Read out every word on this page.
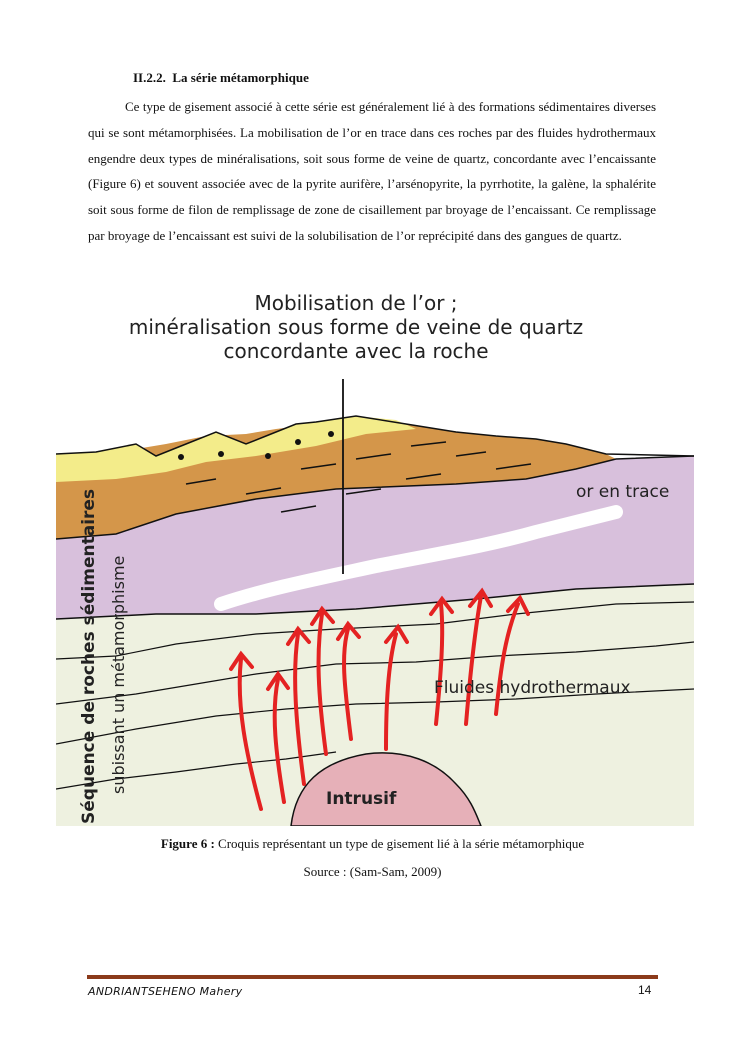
II.2.2. La série métamorphique

Ce type de gisement associé à cette série est généralement lié à des formations sédimentaires diverses qui se sont métamorphisées. La mobilisation de l’or en trace dans ces roches par des fluides hydrothermaux engendre deux types de minéralisations, soit sous forme de veine de quartz, concordante avec l’encaissante (Figure 6) et souvent associée avec de la pyrite aurifère, l’arsénopyrite, la pyrrhotite, la galène, la sphalérite soit sous forme de filon de remplissage de zone de cisaillement par broyage de l’encaissant. Ce remplissage par broyage de l’encaissant est suivi de la solubilisation de l’or reprécipité dans des gangues de quartz.

Mobilisation de l’or ;
minéralisation sous forme de veine de quartz
concordante avec la roche
or en trace
Fluides hydrothermaux
Intrusif
Séquence de roches sédimentaires subissant un métamorphisme
Figure 6 : Croquis représentant un type de gisement lié à la série métamorphique
Source : (Sam-Sam, 2009)
ANDRIANTSEHENO Mahery	14
